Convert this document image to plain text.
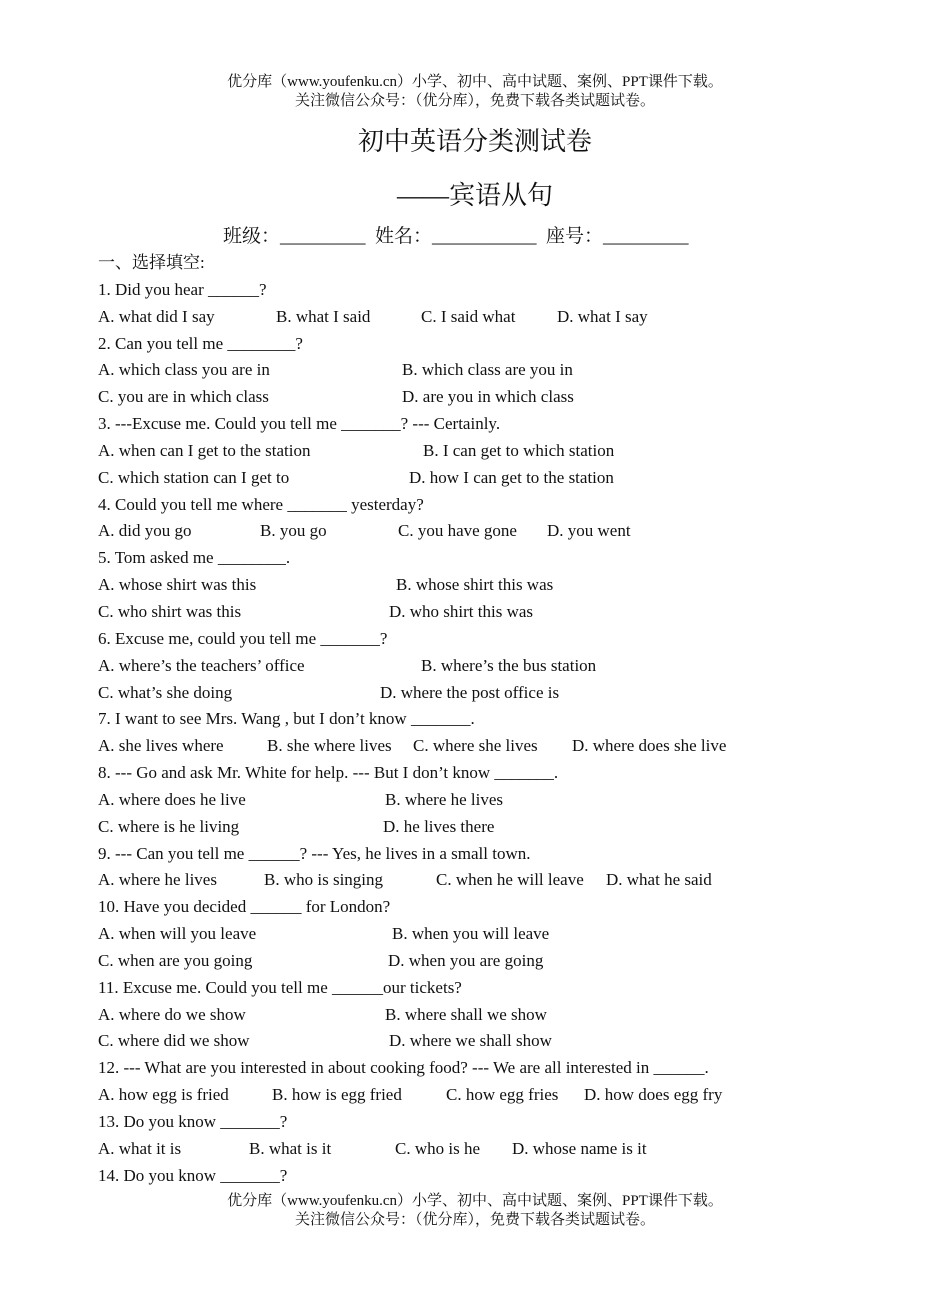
优分库（www.youfenku.cn）小学、初中、高中试题、案例、PPT课件下载。
关注微信公众号：（优分库），免费下载各类试题试卷。
初中英语分类测试卷
——宾语从句
班级：_________  姓名：___________  座号：_________
一、选择填空:
1. Did you hear ______?
A. what did I say	B. what I said	C. I said what D. what I say
2. Can you tell me ________?
A. which class you are in	B. which class are you in
C. you are in which class	D. are you in which class
3. ---Excuse me. Could you tell me _______? --- Certainly.
A. when can I get to the station	B. I can get to which station
C. which station can I get to	D. how I can get to the station
4. Could you tell me where _______ yesterday?
A. did you go	B. you go	C. you have gone D. you went
5. Tom asked me ________.
A. whose shirt was this	B. whose shirt this was
C. who shirt was this	D. who shirt this was
6. Excuse me, could you tell me _______?
A. where’s the teachers’ office	B. where’s the bus station
C. what’s she doing	D. where the post office is
7. I want to see Mrs. Wang , but I don’t know _______.
A. she lives where	B. she where lives C. where she lives D. where does she live
8. --- Go and ask Mr. White for help. --- But I don’t know _______.
A. where does he live	B. where he lives
C. where is he living	D. he lives there
9. --- Can you tell me ______? --- Yes, he lives in a small town.
A. where he lives	B. who is singing	C. when he will leave D. what he said
10. Have you decided ______ for London?
A. when will you leave	B. when you will leave
C. when are you going	D. when you are going
11. Excuse me. Could you tell me ______our tickets?
A. where do we show	B. where shall we show
C. where did we show	D. where we shall show
12. --- What are you interested in about cooking food? --- We are all interested in ______.
A. how egg is fried	B. how is egg fried	C. how egg fries D. how does egg fry
13. Do you know _______?
A. what it is	B. what is it	C. who is he D. whose name is it
14. Do you know _______?
优分库（www.youfenku.cn）小学、初中、高中试题、案例、PPT课件下载。
关注微信公众号：（优分库），免费下载各类试题试卷。
